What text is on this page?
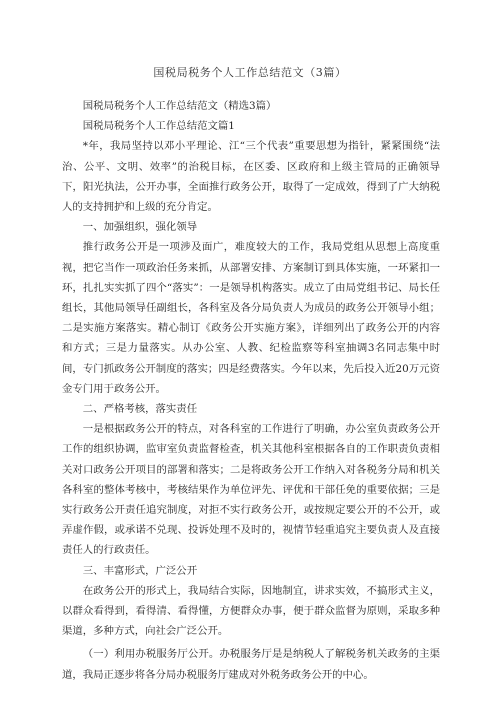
国税局税务个人工作总结范文（3篇）

国税局税务个人工作总结范文（精选3篇）

国税局税务个人工作总结范文篇1

*年，我局坚持以邓小平理论、江“三个代表”重要思想为指针，紧紧围绕“法治、公平、文明、效率”的治税目标，在区委、区政府和上级主管局的正确领导下，阳光执法，公开办事，全面推行政务公开，取得了一定成效，得到了广大纳税人的支持拥护和上级的充分肯定。

一、加强组织，强化领导

推行政务公开是一项涉及面广，难度较大的工作，我局党组从思想上高度重视，把它当作一项政治任务来抓，从部署安排、方案制订到具体实施，一环紧扣一环，扎扎实实抓了四个“落实”：一是领导机构落实。成立了由局党组书记、局长任组长，其他局领导任副组长，各科室及各分局负责人为成员的政务公开领导小组；二是实施方案落实。精心制订《政务公开实施方案》，详细列出了政务公开的内容和方式；三是力量落实。从办公室、人教、纪检监察等科室抽调3名同志集中时间，专门抓政务公开制度的落实；四是经费落实。今年以来，先后投入近20万元资金专门用于政务公开。

二、严格考核，落实责任

一是根据政务公开的特点，对各科室的工作进行了明确，办公室负责政务公开工作的组织协调，监审室负责监督检查，机关其他科室根据各自的工作职责负责相关对口政务公开项目的部署和落实；二是将政务公开工作纳入对各税务分局和机关各科室的整体考核中，考核结果作为单位评先、评优和干部任免的重要依据；三是实行政务公开责任追究制度，对拒不实行政务公开，或按规定要公开的不公开，或弄虚作假，或承诺不兑现、投诉处理不及时的，视情节轻重追究主要负责人及直接责任人的行政责任。

三、丰富形式，广泛公开

在政务公开的形式上，我局结合实际，因地制宜，讲求实效，不搞形式主义，以群众看得到，看得清、看得懂，方便群众办事，便于群众监督为原则，采取多种渠道，多种方式，向社会广泛公开。

（一）利用办税服务厅公开。办税服务厅是是纳税人了解税务机关政务的主渠道，我局正逐步将各分局办税服务厅建成对外税务政务公开的中心。
